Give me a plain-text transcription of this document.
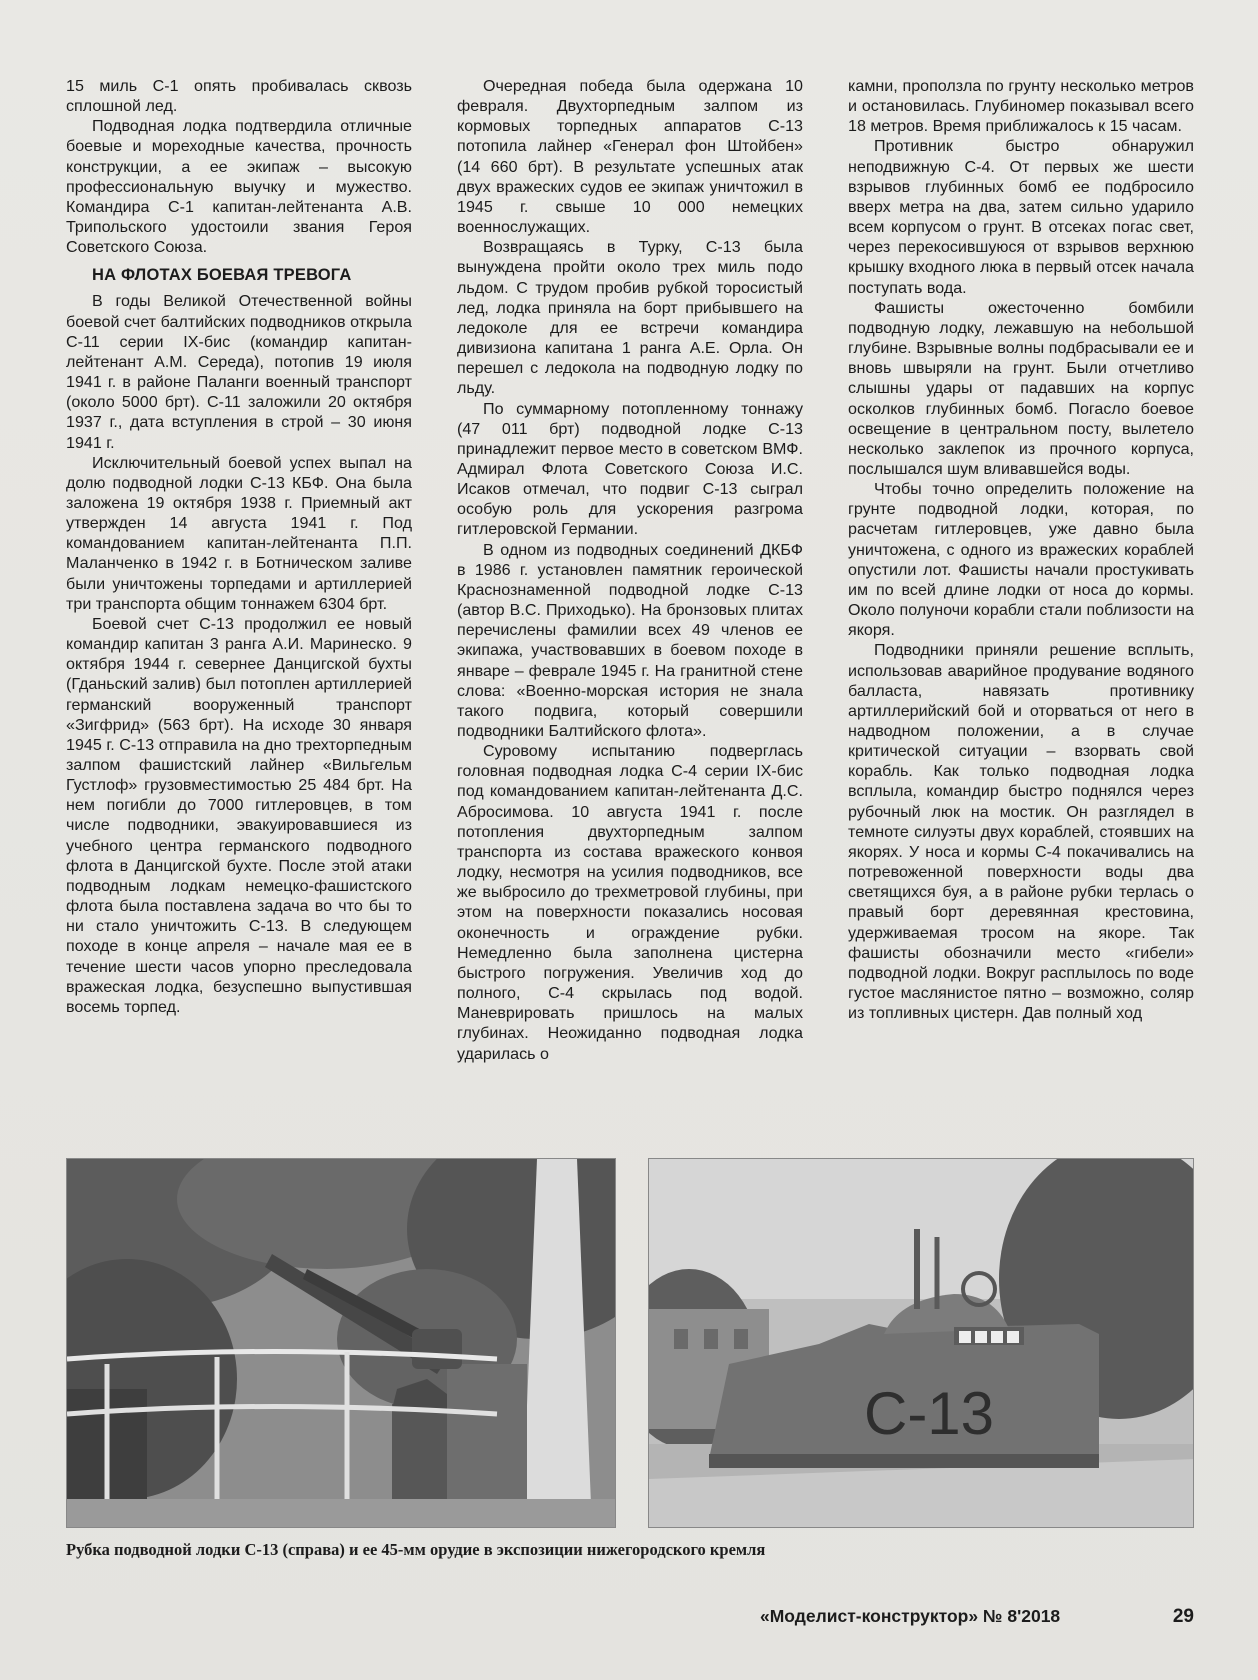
15 миль С-1 опять пробивалась сквозь сплошной лед.

Подводная лодка подтвердила отличные боевые и мореходные качества, прочность конструкции, а ее экипаж – высокую профессиональную выучку и мужество. Командира С-1 капитан-лейтенанта А.В. Трипольского удостоили звания Героя Советского Союза.

НА ФЛОТАХ БОЕВАЯ ТРЕВОГА

В годы Великой Отечественной войны боевой счет балтийских подводников открыла С-11 серии IX-бис (командир капитан-лейтенант А.М. Середа), потопив 19 июля 1941 г. в районе Паланги военный транспорт (около 5000 брт). С-11 заложили 20 октября 1937 г., дата вступления в строй – 30 июня 1941 г.

Исключительный боевой успех выпал на долю подводной лодки С-13 КБФ. Она была заложена 19 октября 1938 г. Приемный акт утвержден 14 августа 1941 г. Под командованием капитан-лейтенанта П.П. Маланченко в 1942 г. в Ботническом заливе были уничтожены торпедами и артиллерией три транспорта общим тоннажем 6304 брт.

Боевой счет С-13 продолжил ее новый командир капитан 3 ранга А.И. Маринеско. 9 октября 1944 г. севернее Данцигской бухты (Гданьский залив) был потоплен артиллерией германский вооруженный транспорт «Зигфрид» (563 брт). На исходе 30 января 1945 г. С-13 отправила на дно трехторпедным залпом фашистский лайнер «Вильгельм Густлоф» грузовместимостью 25 484 брт. На нем погибли до 7000 гитлеровцев, в том числе подводники, эвакуировавшиеся из учебного центра германского подводного флота в Данцигской бухте. После этой атаки подводным лодкам немецко-фашистского флота была поставлена задача во что бы то ни стало уничтожить С-13. В следующем походе в конце апреля – начале мая ее в течение шести часов упорно преследовала вражеская лодка, безуспешно выпустившая восемь торпед.

Очередная победа была одержана 10 февраля. Двухторпедным залпом из кормовых торпедных аппаратов С-13 потопила лайнер «Генерал фон Штойбен» (14 660 брт). В результате успешных атак двух вражеских судов ее экипаж уничтожил в 1945 г. свыше 10 000 немецких военнослужащих.

Возвращаясь в Турку, С-13 была вынуждена пройти около трех миль подо льдом. С трудом пробив рубкой торосистый лед, лодка приняла на борт прибывшего на ледоколе для ее встречи командира дивизиона капитана 1 ранга А.Е. Орла. Он перешел с ледокола на подводную лодку по льду.

По суммарному потопленному тоннажу (47 011 брт) подводной лодке С-13 принадлежит первое место в советском ВМФ. Адмирал Флота Советского Союза И.С. Исаков отмечал, что подвиг С-13 сыграл особую роль для ускорения разгрома гитлеровской Германии.

В одном из подводных соединений ДКБФ в 1986 г. установлен памятник героической Краснознаменной подводной лодке С-13 (автор В.С. Приходько). На бронзовых плитах перечислены фамилии всех 49 членов ее экипажа, участвовавших в боевом походе в январе – феврале 1945 г. На гранитной стене слова: «Военно-морская история не знала такого подвига, который совершили подводники Балтийского флота».

Суровому испытанию подверглась головная подводная лодка С-4 серии IX-бис под командованием капитан-лейтенанта Д.С. Абросимова. 10 августа 1941 г. после потопления двухторпедным залпом транспорта из состава вражеского конвоя лодку, несмотря на усилия подводников, все же выбросило до трехметровой глубины, при этом на поверхности показались носовая оконечность и ограждение рубки. Немедленно была заполнена цистерна быстрого погружения. Увеличив ход до полного, С-4 скрылась под водой. Маневрировать пришлось на малых глубинах. Неожиданно подводная лодка ударилась о

камни, проползла по грунту несколько метров и остановилась. Глубиномер показывал всего 18 метров. Время приближалось к 15 часам.

Противник быстро обнаружил неподвижную С-4. От первых же шести взрывов глубинных бомб ее подбросило вверх метра на два, затем сильно ударило всем корпусом о грунт. В отсеках погас свет, через перекосившуюся от взрывов верхнюю крышку входного люка в первый отсек начала поступать вода.

Фашисты ожесточенно бомбили подводную лодку, лежавшую на небольшой глубине. Взрывные волны подбрасывали ее и вновь швыряли на грунт. Были отчетливо слышны удары от падавших на корпус осколков глубинных бомб. Погасло боевое освещение в центральном посту, вылетело несколько заклепок из прочного корпуса, послышался шум вливавшейся воды.

Чтобы точно определить положение на грунте подводной лодки, которая, по расчетам гитлеровцев, уже давно была уничтожена, с одного из вражеских кораблей опустили лот. Фашисты начали простукивать им по всей длине лодки от носа до кормы. Около полуночи корабли стали поблизости на якоря.

Подводники приняли решение всплыть, использовав аварийное продувание водяного балласта, навязать противнику артиллерийский бой и оторваться от него в надводном положении, а в случае критической ситуации – взорвать свой корабль. Как только подводная лодка всплыла, командир быстро поднялся через рубочный люк на мостик. Он разглядел в темноте силуэты двух кораблей, стоявших на якорях. У носа и кормы С-4 покачивались на потревоженной поверхности воды два светящихся буя, а в районе рубки терлась о правый борт деревянная крестовина, удерживаемая тросом на якоре. Так фашисты обозначили место «гибели» подводной лодки. Вокруг расплылось по воде густое маслянистое пятно – возможно, соляр из топливных цистерн. Дав полный ход

С-13
Рубка подводной лодки С-13 (справа) и ее 45-мм орудие в экспозиции нижегородского кремля
«Моделист-конструктор» № 8'2018	29
